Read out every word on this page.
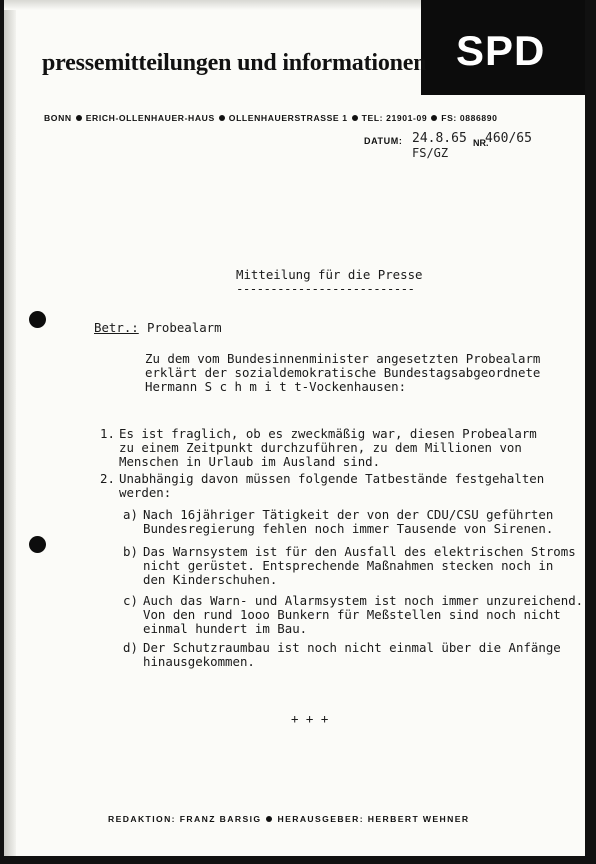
SPD
pressemitteilungen und informationen
BONN ERICH-OLLENHAUER-HAUS OLLENHAUERSTRASSE 1 TEL: 21901-09 FS: 0886890
DATUM: 24.8.65 NR.
460/65
FS/GZ
Mitteilung für die Presse
--------------------------
Betr.: Probealarm
Zu dem vom Bundesinnenminister angesetzten Probealarm
erklärt der sozialdemokratische Bundestagsabgeordnete
Hermann S c h m i t t-Vockenhausen:
1. Es ist fraglich, ob es zweckmäßig war, diesen Probealarm
zu einem Zeitpunkt durchzuführen, zu dem Millionen von
Menschen in Urlaub im Ausland sind.
2. Unabhängig davon müssen folgende Tatbestände festgehalten
werden:
a) Nach 16jähriger Tätigkeit der von der CDU/CSU geführten
Bundesregierung fehlen noch immer Tausende von Sirenen.
b) Das Warnsystem ist für den Ausfall des elektrischen Stroms
nicht gerüstet. Entsprechende Maßnahmen stecken noch in
den Kinderschuhen.
c) Auch das Warn- und Alarmsystem ist noch immer unzureichend.
Von den rund 1ooo Bunkern für Meßstellen sind noch nicht
einmal hundert im Bau.
d) Der Schutzraumbau ist noch nicht einmal über die Anfänge
hinausgekommen.
+ + +
REDAKTION: FRANZ BARSIG HERAUSGEBER: HERBERT WEHNER
